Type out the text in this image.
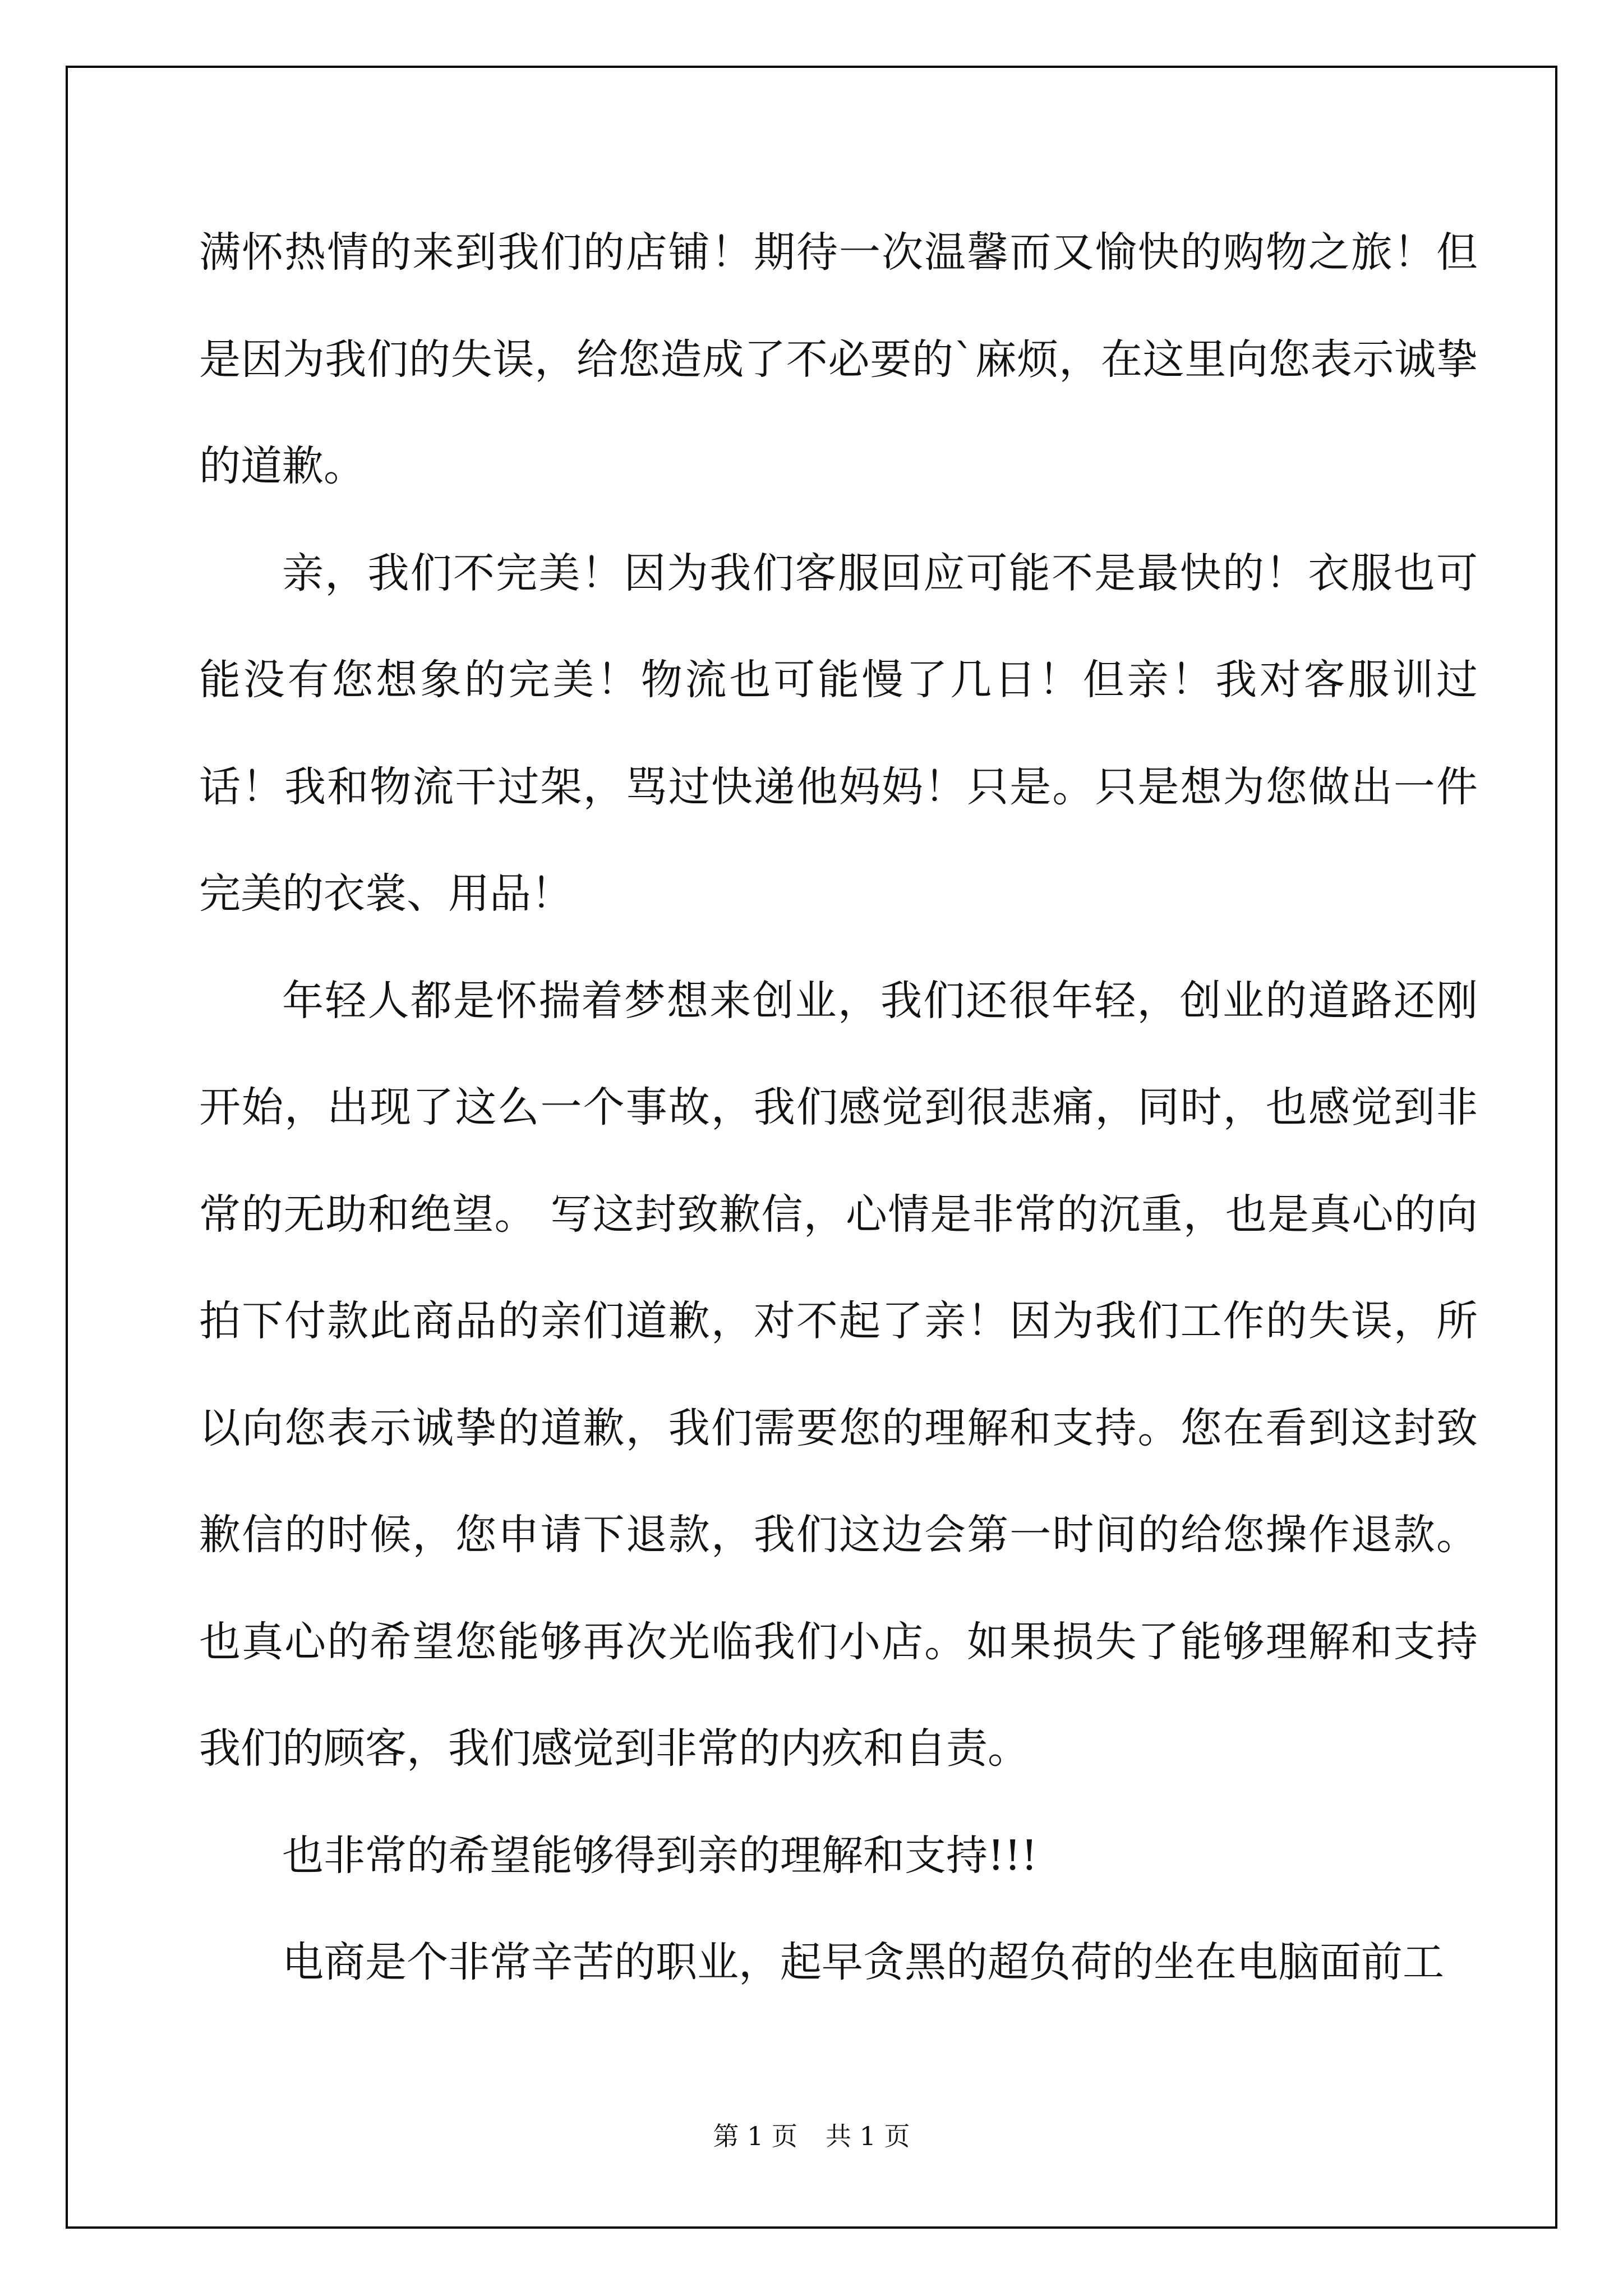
满怀热情的来到我们的店铺！期待一次温馨而又愉快的购物之旅！但是因为我们的失误，给您造成了不必要的`麻烦，在这里向您表示诚挚的道歉。

亲，我们不完美！因为我们客服回应可能不是最快的！衣服也可能没有您想象的完美！物流也可能慢了几日！但亲！我对客服训过话！我和物流干过架，骂过快递他妈妈！只是。只是想为您做出一件完美的衣裳、用品！

年轻人都是怀揣着梦想来创业，我们还很年轻，创业的道路还刚开始，出现了这么一个事故，我们感觉到很悲痛，同时，也感觉到非常的无助和绝望。 写这封致歉信，心情是非常的沉重，也是真心的向拍下付款此商品的亲们道歉，对不起了亲！因为我们工作的失误，所以向您表示诚挚的道歉，我们需要您的理解和支持。您在看到这封致歉信的时候，您申请下退款，我们这边会第一时间的给您操作退款。也真心的希望您能够再次光临我们小店。如果损失了能够理解和支持我们的顾客，我们感觉到非常的内疚和自责。

也非常的希望能够得到亲的理解和支持!!!

电商是个非常辛苦的职业，起早贪黑的超负荷的坐在电脑面前工

第 1 页 共 1 页
